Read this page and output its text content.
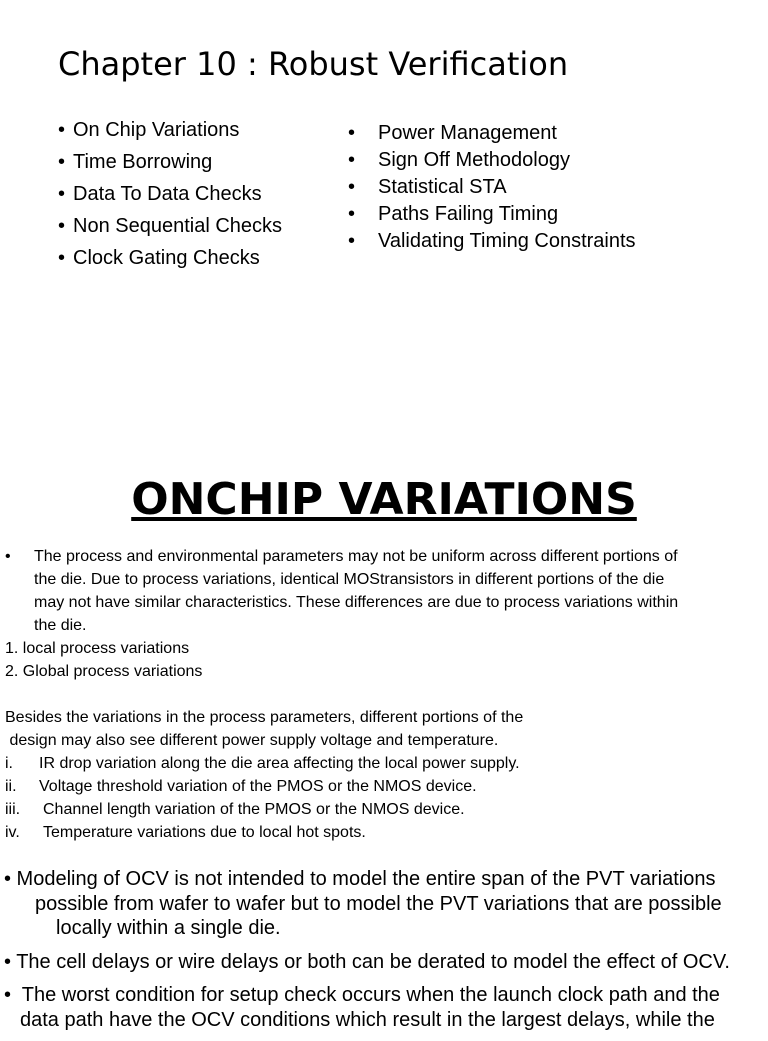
Chapter 10 : Robust Verification
• On Chip Variations
• Time Borrowing
• Data To Data Checks
• Non Sequential Checks
• Clock Gating Checks
• Power Management
• Sign Off Methodology
• Statistical STA
• Paths Failing Timing
• Validating Timing Constraints
ONCHIP VARIATIONS
• The process and environmental parameters may not be uniform across different portions of
the die. Due to process variations, identical MOStransistors in different portions of the die
may not have similar characteristics. These differences are due to process variations within
the die.
1. local process variations
2. Global process variations
Besides the variations in the process parameters, different portions of the
design may also see different power supply voltage and temperature.
i. IR drop variation along the die area affecting the local power supply.
ii. Voltage threshold variation of the PMOS or the NMOS device.
iii. Channel length variation of the PMOS or the NMOS device.
iv. Temperature variations due to local hot spots.
• Modeling of OCV is not intended to model the entire span of the PVT variations
possible from wafer to wafer but to model the PVT variations that are possible
locally within a single die.
• The cell delays or wire delays or both can be derated to model the effect of OCV.
•  The worst condition for setup check occurs when the launch clock path and the
data path have the OCV conditions which result in the largest delays, while the
